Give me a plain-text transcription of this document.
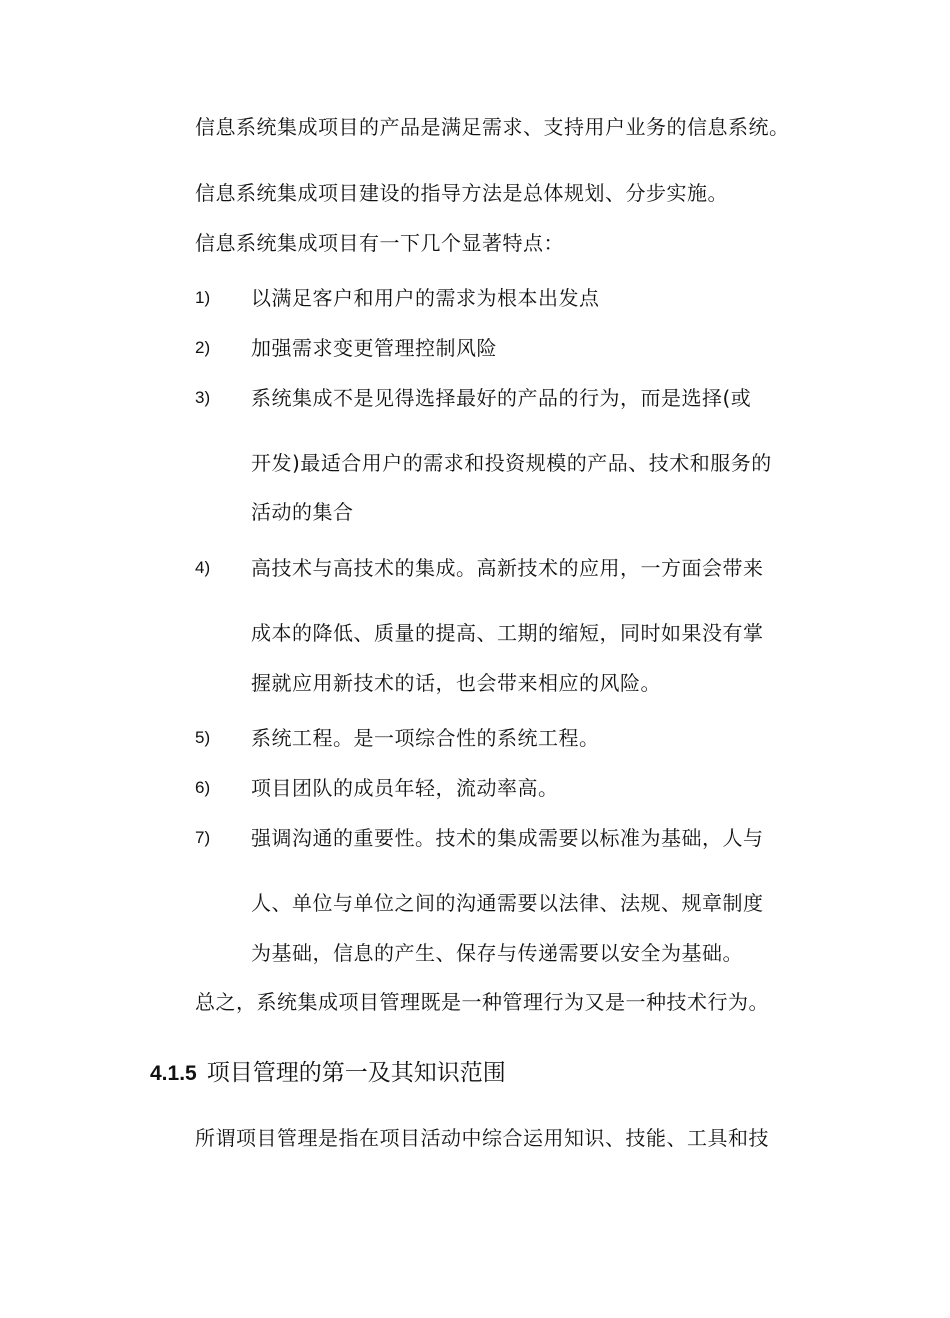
信息系统集成项目的产品是满足需求、支持用户业务的信息系统。
信息系统集成项目建设的指导方法是总体规划、分步实施。
信息系统集成项目有一下几个显著特点：
1) 以满足客户和用户的需求为根本出发点
2) 加强需求变更管理控制风险
3) 系统集成不是见得选择最好的产品的行为，而是选择(或
开发)最适合用户的需求和投资规模的产品、技术和服务的
活动的集合
4) 高技术与高技术的集成。高新技术的应用，一方面会带来
成本的降低、质量的提高、工期的缩短，同时如果没有掌
握就应用新技术的话，也会带来相应的风险。
5) 系统工程。是一项综合性的系统工程。
6) 项目团队的成员年轻，流动率高。
7) 强调沟通的重要性。技术的集成需要以标准为基础，人与
人、单位与单位之间的沟通需要以法律、法规、规章制度
为基础，信息的产生、保存与传递需要以安全为基础。
总之，系统集成项目管理既是一种管理行为又是一种技术行为。
4.1.5 项目管理的第一及其知识范围
所谓项目管理是指在项目活动中综合运用知识、技能、工具和技
